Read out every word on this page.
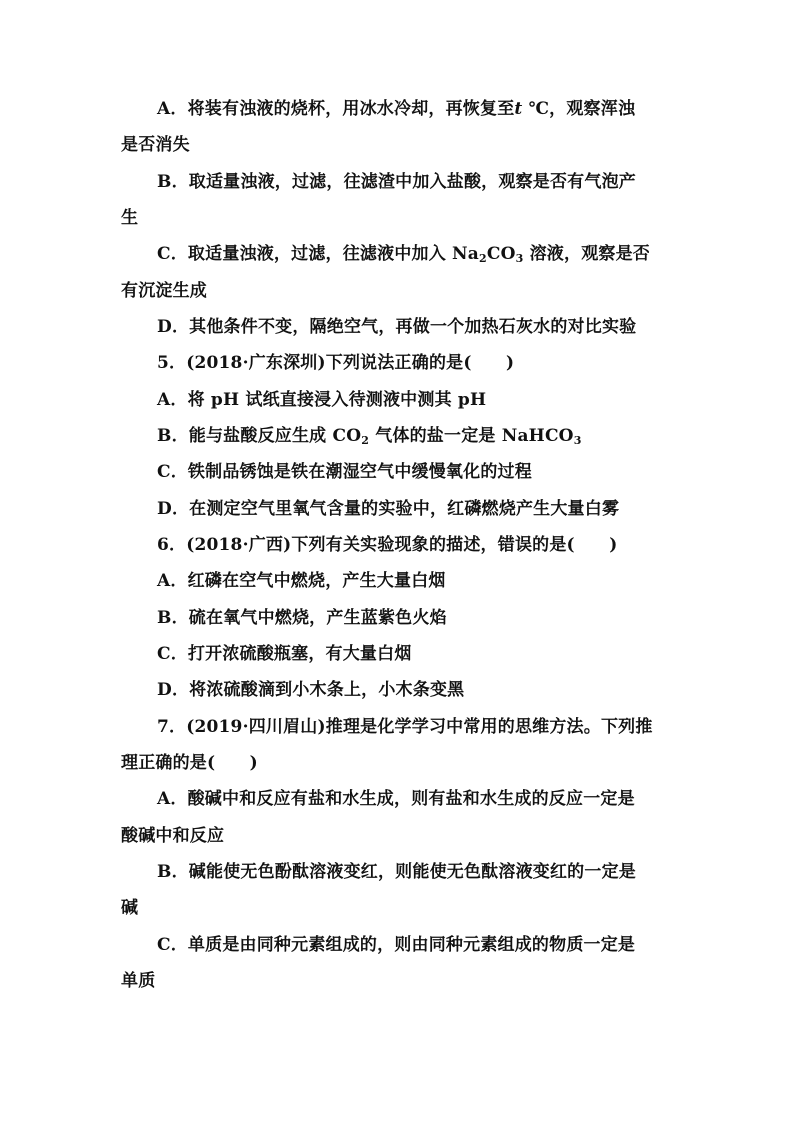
A．将装有浊液的烧杯，用冰水冷却，再恢复至t ℃，观察浑浊
是否消失
B．取适量浊液，过滤，往滤渣中加入盐酸，观察是否有气泡产
生
C．取适量浊液，过滤，往滤液中加入 $Na_2CO_3$ 溶液，观察是否
有沉淀生成
D．其他条件不变，隔绝空气，再做一个加热石灰水的对比实验
5．(2018·广东深圳)下列说法正确的是(　　)
A．将 pH 试纸直接浸入待测液中测其 pH
B．能与盐酸反应生成 $CO_2$ 气体的盐一定是 NaHCO$_3$
C．铁制品锈蚀是铁在潮湿空气中缓慢氧化的过程
D．在测定空气里氧气含量的实验中，红磷燃烧产生大量白雾
6．(2018·广西)下列有关实验现象的描述，错误的是(　　)
A．红磷在空气中燃烧，产生大量白烟
B．硫在氧气中燃烧，产生蓝紫色火焰
C．打开浓硫酸瓶塞，有大量白烟
D．将浓硫酸滴到小木条上，小木条变黑
7．(2019·四川眉山)推理是化学学习中常用的思维方法。下列推
理正确的是(　　)
A．酸碱中和反应有盐和水生成，则有盐和水生成的反应一定是
酸碱中和反应
B．碱能使无色酚酞溶液变红，则能使无色酞溶液变红的一定是
碱
C．单质是由同种元素组成的，则由同种元素组成的物质一定是
单质
